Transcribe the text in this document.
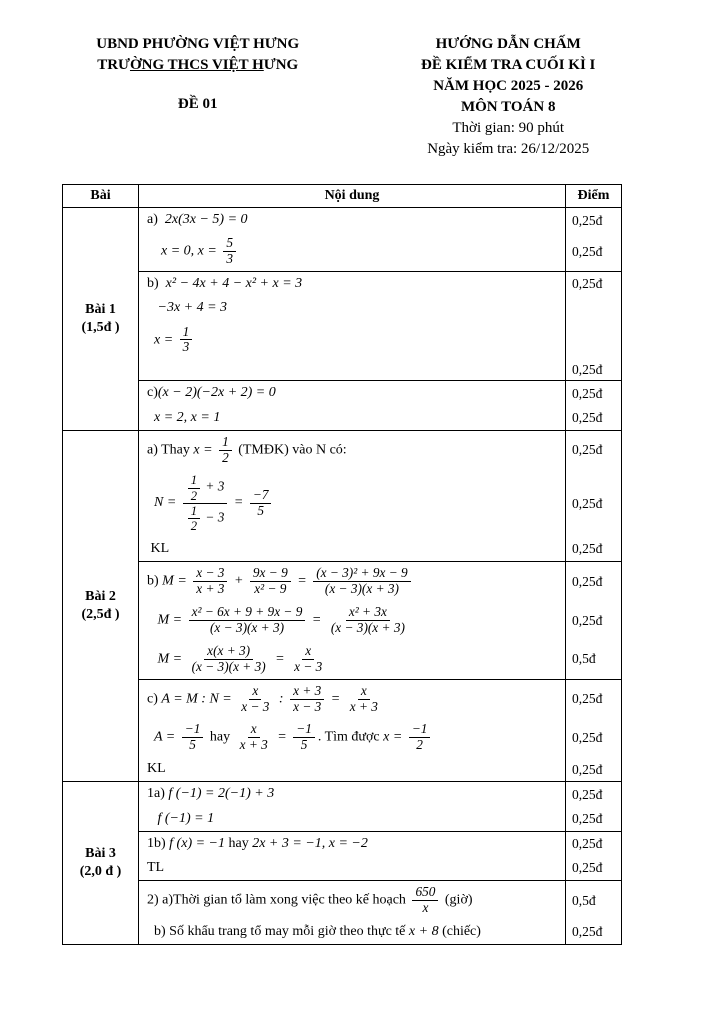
UBND PHƯỜNG VIỆT HƯNG
TRƯỜNG THCS VIỆT HƯNG
ĐỀ 01
HƯỚNG DẪN CHẤM
ĐỀ KIỂM TRA CUỐI KÌ I
NĂM HỌC 2025 - 2026
MÔN TOÁN 8
Thời gian: 90 phút
Ngày kiểm tra: 26/12/2025
Bài	Nội dung	Điểm
Bài 1
(1,5đ )
a)  2x(3x − 5) = 0	0,25đ
x = 0, $x = \frac{5}{3}$	0,25đ
b)  x² − 4x + 4 − x² + x = 3	0,25đ
−3x + 4 = 3
$x = \frac{1}{3}$
0,25đ
c)(x − 2)(−2x + 2) = 0	0,25đ
x = 2, x = 1	0,25đ
Bài 2
(2,5đ )
a) Thay $x = \frac{1}{2}$ (TMĐK) vào N có:	0,25đ
$N = \frac{\frac{1}{2} + 3}{\frac{1}{2} - 3} = \frac{-7}{5}$	0,25đ
KL	0,25đ
b) $M = \frac{x - 3}{x + 3} + \frac{9x - 9}{\text{x² − 9}} = \frac{\text{(x − 3)² + 9x − 9}}{(x - 3)(x + 3)}$	0,25đ
$M = \frac{\text{x² − 6x + 9 + 9x − 9}}{(x - 3)(x + 3)} = \frac{\text{x² + 3x}}{(x - 3)(x + 3)}$	0,25đ
$M = \frac{x(x + 3)}{(x - 3)(x + 3)} = \frac{x}{x - 3}$	0,5đ
c) A = M : $N = \frac{x}{x - 3}$ : $\frac{x + 3}{x - 3} = \frac{x}{x + 3}$	0,25đ
$A = \frac{-1}{5}$ hay $\frac{x}{x + 3} = \frac{-1}{5}$ . Tìm được $x = \frac{-1}{2}$	0,25đ
KL	0,25đ
Bài 3
(2,0 đ )
1a) f (−1) = 2(−1) + 3	0,25đ
f (−1) = 1	0,25đ
1b) f (x) = −1 hay 2x + 3 = −1, x = −2	0,25đ
TL	0,25đ
2) a)Thời gian tổ làm xong việc theo kế hoạch $\frac{650}{x}$ (giờ)	0,5đ
b) Số khẩu trang tổ may mỗi giờ theo thực tế x + 8 (chiếc)	0,25đ
